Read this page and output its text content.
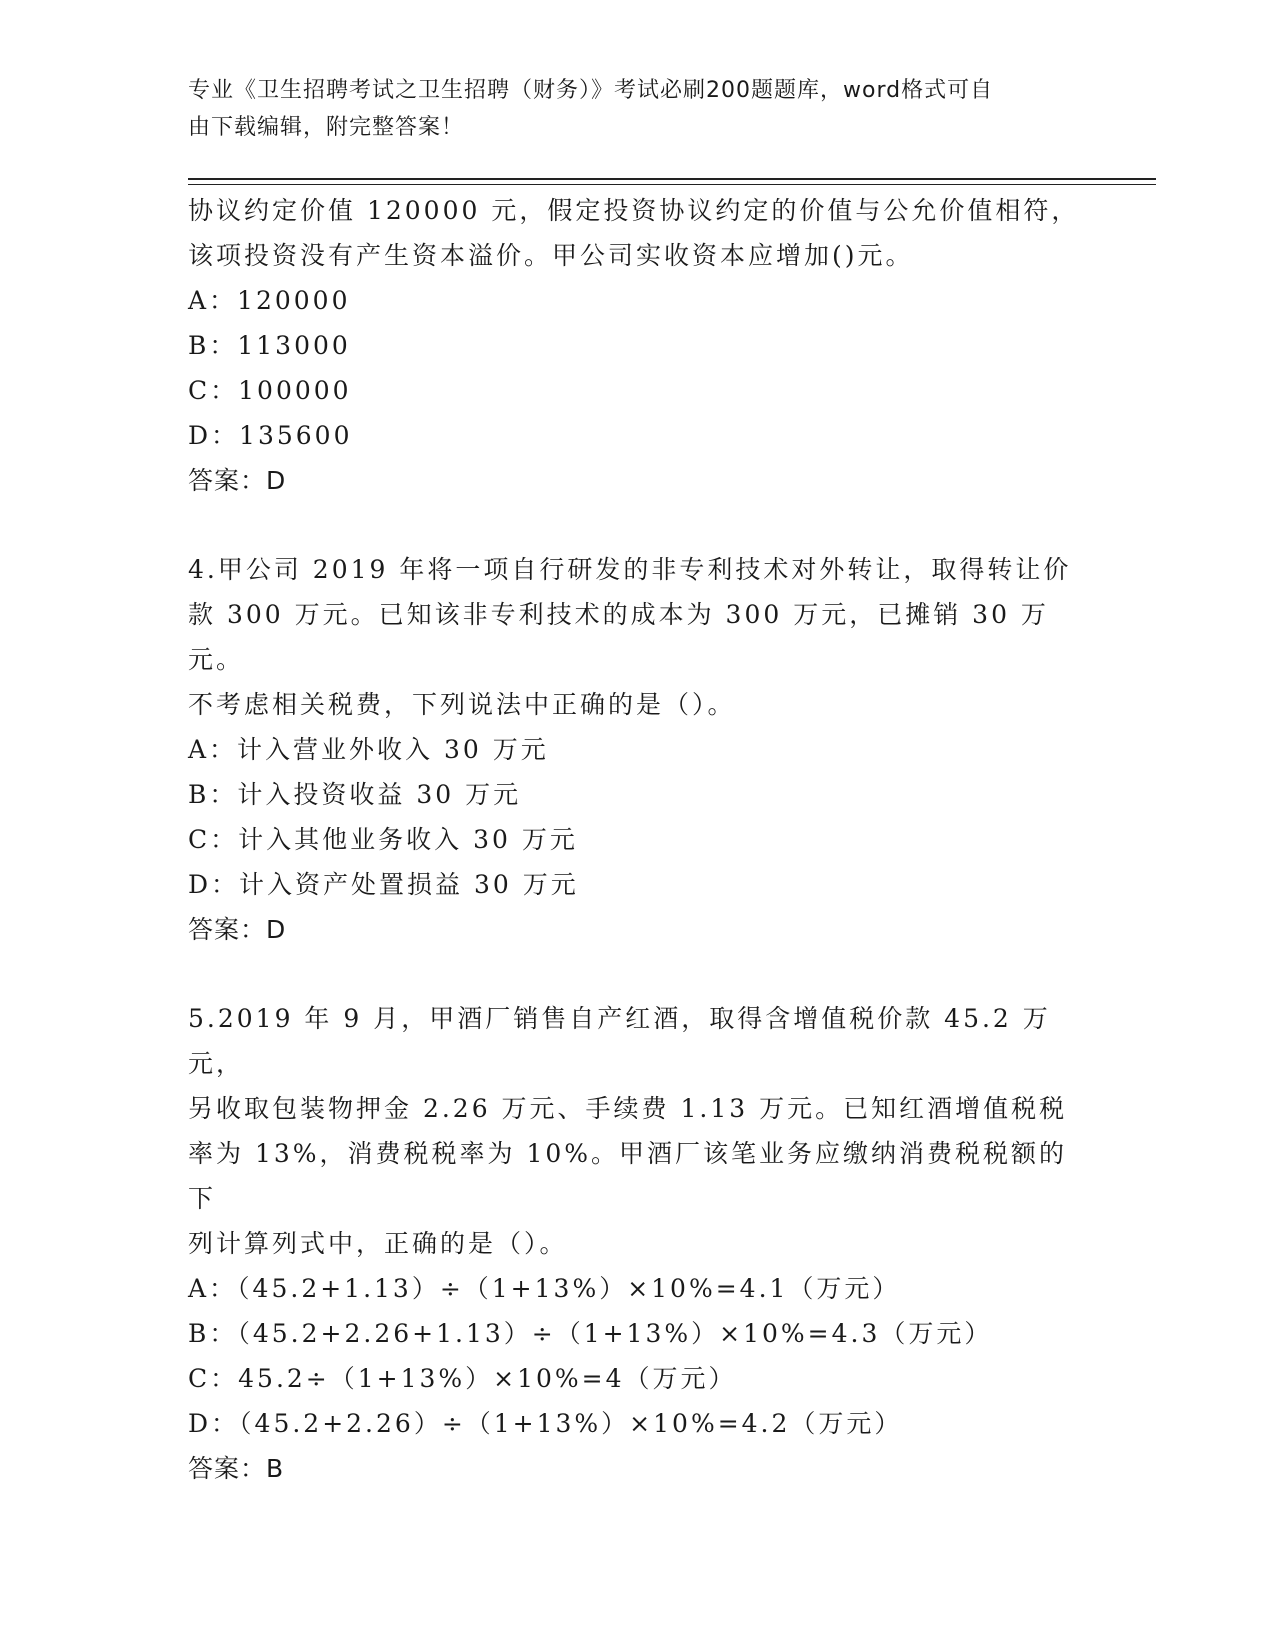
专业《卫生招聘考试之卫生招聘（财务）》考试必刷200题题库，word格式可自
由下载编辑，附完整答案！

协议约定价值 120000 元，假定投资协议约定的价值与公允价值相符，

该项投资没有产生资本溢价。甲公司实收资本应增加()元。

A：120000

B：113000

C：100000

D：135600

答案：D

4.甲公司 2019 年将一项自行研发的非专利技术对外转让，取得转让价

款 300 万元。已知该非专利技术的成本为 300 万元，已摊销 30 万元。

不考虑相关税费，下列说法中正确的是（）。

A：计入营业外收入 30 万元

B：计入投资收益 30 万元

C：计入其他业务收入 30 万元

D：计入资产处置损益 30 万元

答案：D

5.2019 年 9 月，甲酒厂销售自产红酒，取得含增值税价款 45.2 万元，

另收取包装物押金 2.26 万元、手续费 1.13 万元。已知红酒增值税税

率为 13%，消费税税率为 10%。甲酒厂该笔业务应缴纳消费税税额的下

列计算列式中，正确的是（）。

A：（45.2+1.13）÷（1+13%）×10%=4.1（万元）

B：（45.2+2.26+1.13）÷（1+13%）×10%=4.3（万元）

C：45.2÷（1+13%）×10%=4（万元）

D：（45.2+2.26）÷（1+13%）×10%=4.2（万元）

答案：B
